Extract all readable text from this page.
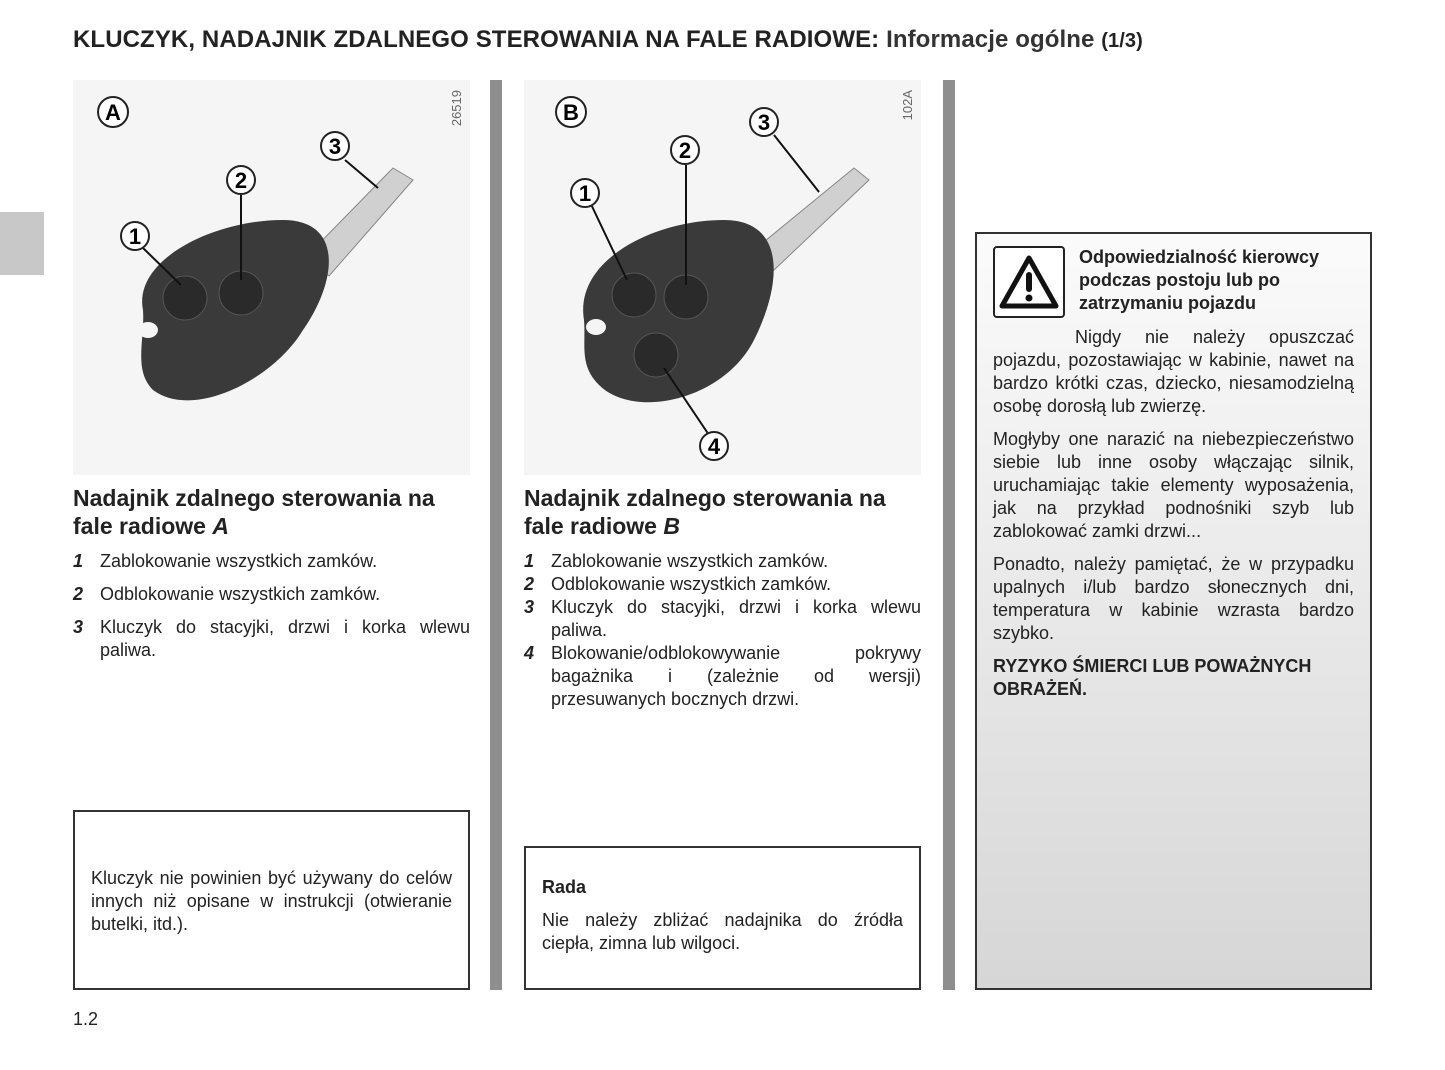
KLUCZYK, NADAJNIK ZDALNEGO STEROWANIA NA FALE RADIOWE: Informacje ogólne (1/3)
26519
A
1
2
3
102A
B
1
2
3
4
Nadajnik zdalnego sterowania na fale radiowe A
1 Zablokowanie wszystkich zamków.
2 Odblokowanie wszystkich zamków.
3 Kluczyk do stacyjki, drzwi i korka wlewu paliwa.

Kluczyk nie powinien być używany do celów innych niż opisane w instrukcji (otwieranie butelki, itd.).

Nadajnik zdalnego sterowania na fale radiowe B
1 Zablokowanie wszystkich zamków.
2 Odblokowanie wszystkich zamków.
3 Kluczyk do stacyjki, drzwi i korka wlewu paliwa.
4 Blokowanie/odblokowywanie pokrywy bagażnika i (zależnie od wersji) przesuwanych bocznych drzwi.

Rada

Nie należy zbliżać nadajnika do źródła ciepła, zimna lub wilgoci.

Odpowiedzialność kierowcy podczas postoju lub po zatrzymaniu pojazdu

Nigdy nie należy opuszczać pojazdu, pozostawiając w kabinie, nawet na bardzo krótki czas, dziecko, niesamodzielną osobę dorosłą lub zwierzę.

Mogłyby one narazić na niebezpieczeństwo siebie lub inne osoby włączając silnik, uruchamiając takie elementy wyposażenia, jak na przykład podnośniki szyb lub zablokować zamki drzwi...

Ponadto, należy pamiętać, że w przypadku upalnych i/lub bardzo słonecznych dni, temperatura w kabinie wzrasta bardzo szybko.

RYZYKO ŚMIERCI LUB POWAŻNYCH OBRAŻEŃ.

1.2
